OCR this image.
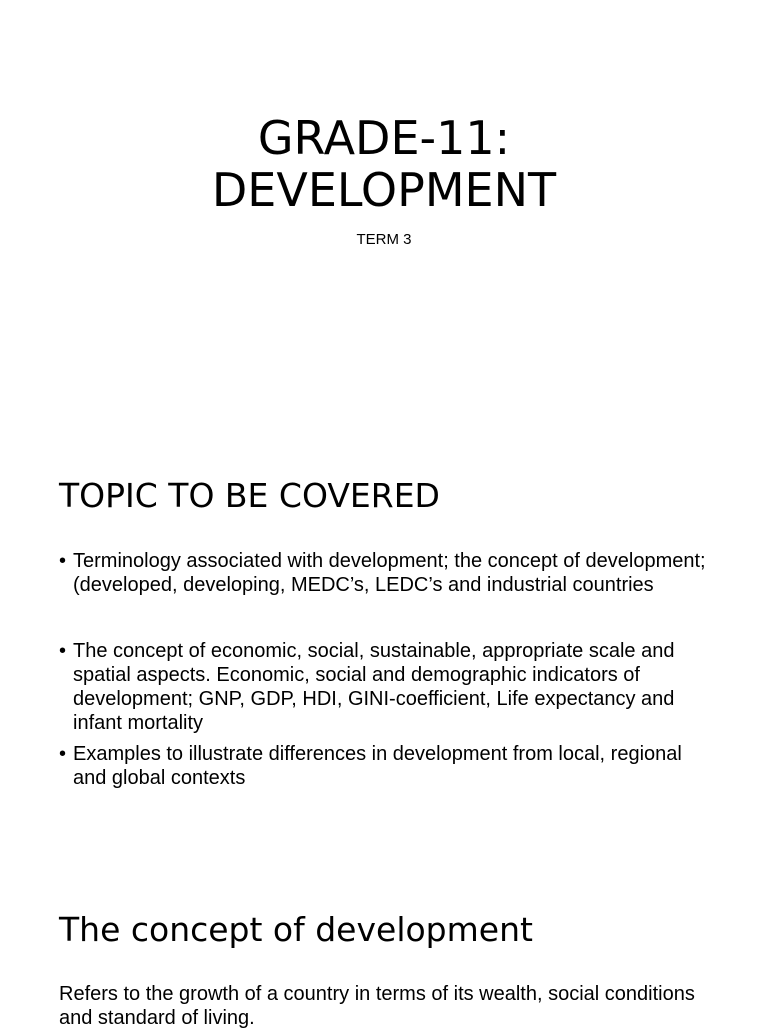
GRADE-11:
DEVELOPMENT

TERM 3

TOPIC TO BE COVERED
• Terminology associated with development; the concept of development; (developed, developing, MEDC’s, LEDC’s and industrial countries
• The concept of economic, social, sustainable, appropriate scale and spatial aspects. Economic, social and demographic indicators of development; GNP, GDP, HDI, GINI-coefficient, Life expectancy and infant mortality
• Examples to illustrate differences in development from local, regional and global contexts
The concept of development

Refers to the growth of a country in terms of its wealth, social conditions and standard of living.
